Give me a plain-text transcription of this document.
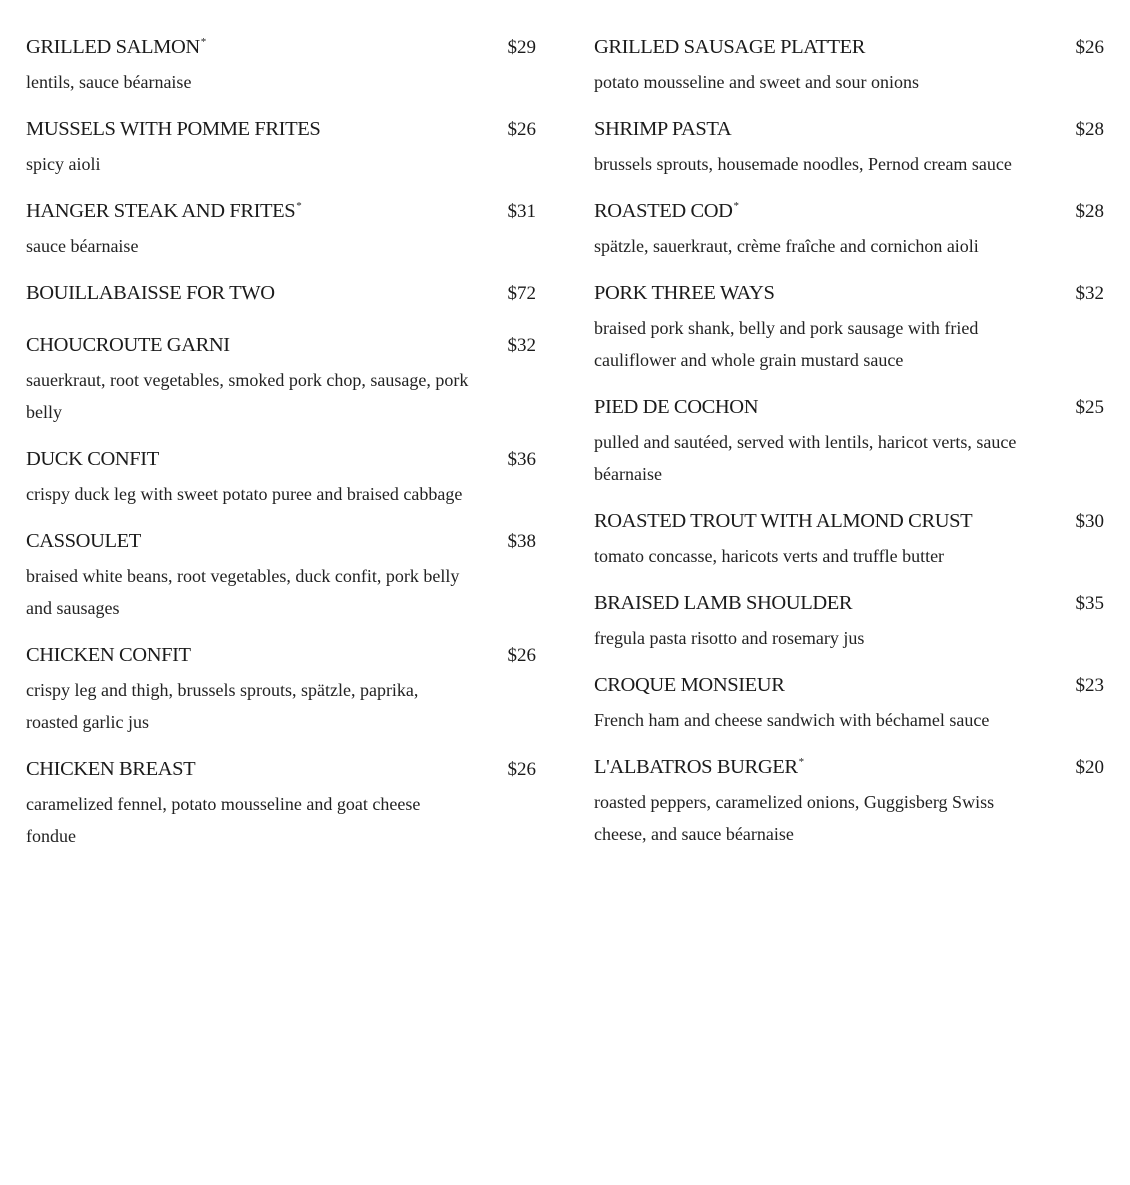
GRILLED SALMON*	$29
lentils, sauce béarnaise
MUSSELS WITH POMME FRITES	$26
spicy aioli
HANGER STEAK AND FRITES*	$31
sauce béarnaise
BOUILLABAISSE FOR TWO	$72
CHOUCROUTE GARNI	$32
sauerkraut, root vegetables, smoked pork chop, sausage, pork belly
DUCK CONFIT	$36
crispy duck leg with sweet potato puree and braised cabbage
CASSOULET	$38
braised white beans, root vegetables, duck confit, pork belly and sausages
CHICKEN CONFIT	$26
crispy leg and thigh, brussels sprouts, spätzle, paprika, roasted garlic jus
CHICKEN BREAST	$26
caramelized fennel, potato mousseline and goat cheese fondue
GRILLED SAUSAGE PLATTER	$26
potato mousseline and sweet and sour onions
SHRIMP PASTA	$28
brussels sprouts, housemade noodles, Pernod cream sauce
ROASTED COD*	$28
spätzle, sauerkraut, crème fraîche and cornichon aioli
PORK THREE WAYS	$32
braised pork shank, belly and pork sausage with fried cauliflower and whole grain mustard sauce
PIED DE COCHON	$25
pulled and sautéed, served with lentils, haricot verts, sauce béarnaise
ROASTED TROUT WITH ALMOND CRUST	$30
tomato concasse, haricots verts and truffle butter
BRAISED LAMB SHOULDER	$35
fregula pasta risotto and rosemary jus
CROQUE MONSIEUR	$23
French ham and cheese sandwich with béchamel sauce
L'ALBATROS BURGER*	$20
roasted peppers, caramelized onions, Guggisberg Swiss cheese, and sauce béarnaise
